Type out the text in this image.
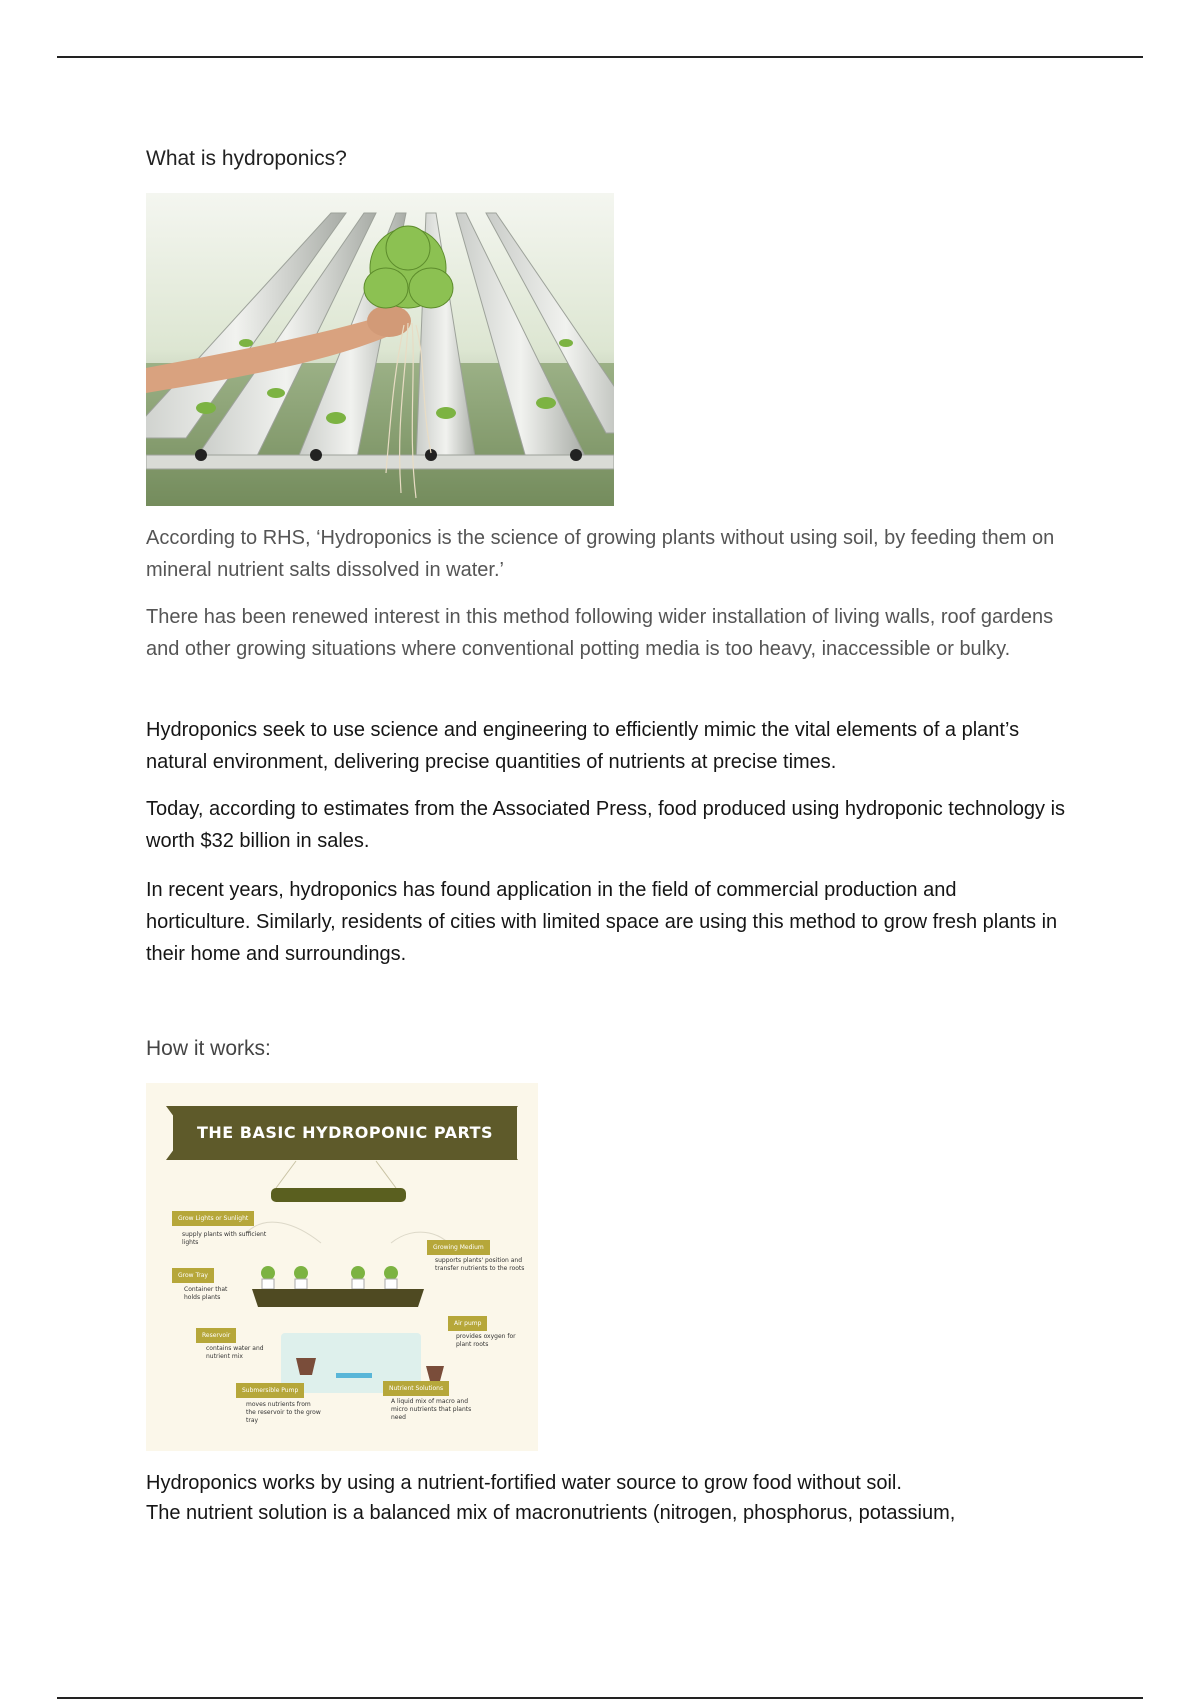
What is hydroponics?

According to RHS, ‘Hydroponics is the science of growing plants without using soil, by feeding them on mineral nutrient salts dissolved in water.’

There has been renewed interest in this method following wider installation of living walls, roof gardens and other growing situations where conventional potting media is too heavy, inaccessible or bulky.

Hydroponics seek to use science and engineering to efficiently mimic the vital elements of a plant’s natural environment, delivering precise quantities of nutrients at precise times.

Today, according to estimates from the Associated Press, food produced using hydroponic technology is worth $32 billion in sales.

In recent years, hydroponics has found application in the field of commercial production and horticulture. Similarly, residents of cities with limited space are using this method to grow fresh plants in their home and surroundings.

How it works:
THE BASIC HYDROPONIC PARTS
Grow Lights or Sunlight
supply plants with sufficient lights
Grow Tray
Container that holds plants
Reservoir
contains water and nutrient mix
Submersible Pump
moves nutrients from the reservoir to the grow tray
Growing Medium
supports plants' position and transfer nutrients to the roots
Air pump
provides oxygen for plant roots
Nutrient Solutions
A liquid mix of macro and micro nutrients that plants need

Hydroponics works by using a nutrient-fortified water source to grow food without soil.

The nutrient solution is a balanced mix of macronutrients (nitrogen, phosphorus, potassium,
